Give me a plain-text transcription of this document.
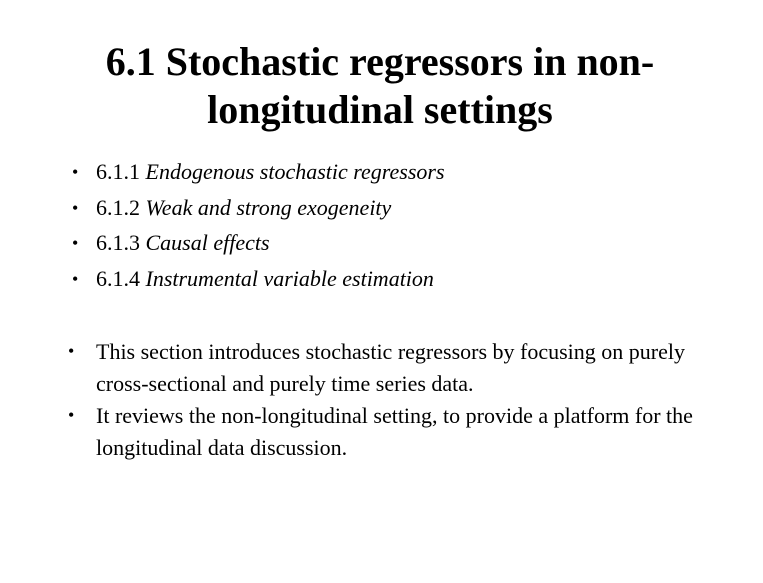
6.1 Stochastic regressors in non-
longitudinal settings
• 6.1.1 Endogenous stochastic regressors
• 6.1.2 Weak and strong exogeneity
• 6.1.3 Causal effects
• 6.1.4 Instrumental variable estimation
• This section introduces stochastic regressors by focusing on purely cross-sectional and purely time series data.
• It reviews the non-longitudinal setting, to provide a platform for the longitudinal data discussion.
